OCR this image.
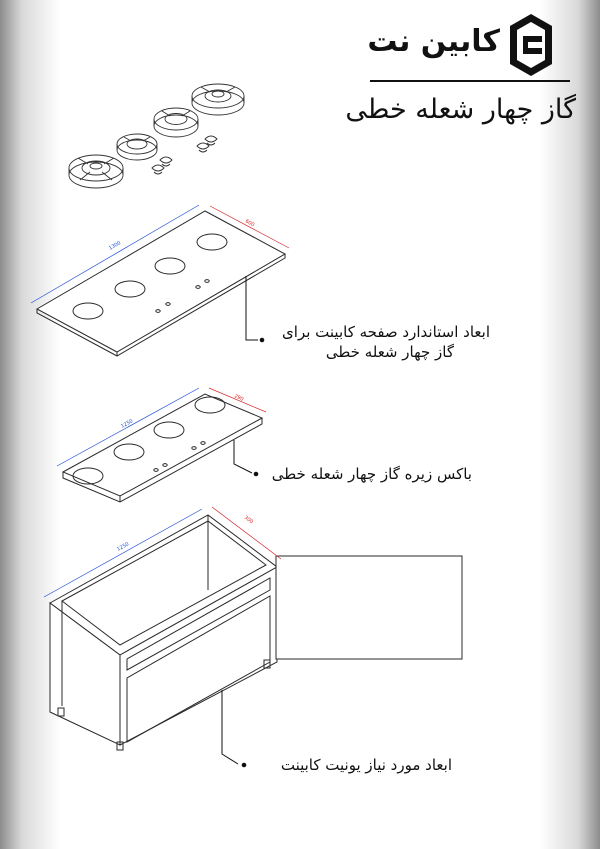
کابین نت
گاز چهار شعله خطی
1300
600
1250
290
1250
300
ابعاد استاندارد صفحه کابینت برای
گاز چهار شعله خطی
باکس زیره گاز چهار شعله خطی
ابعاد مورد نیاز یونیت کابینت
